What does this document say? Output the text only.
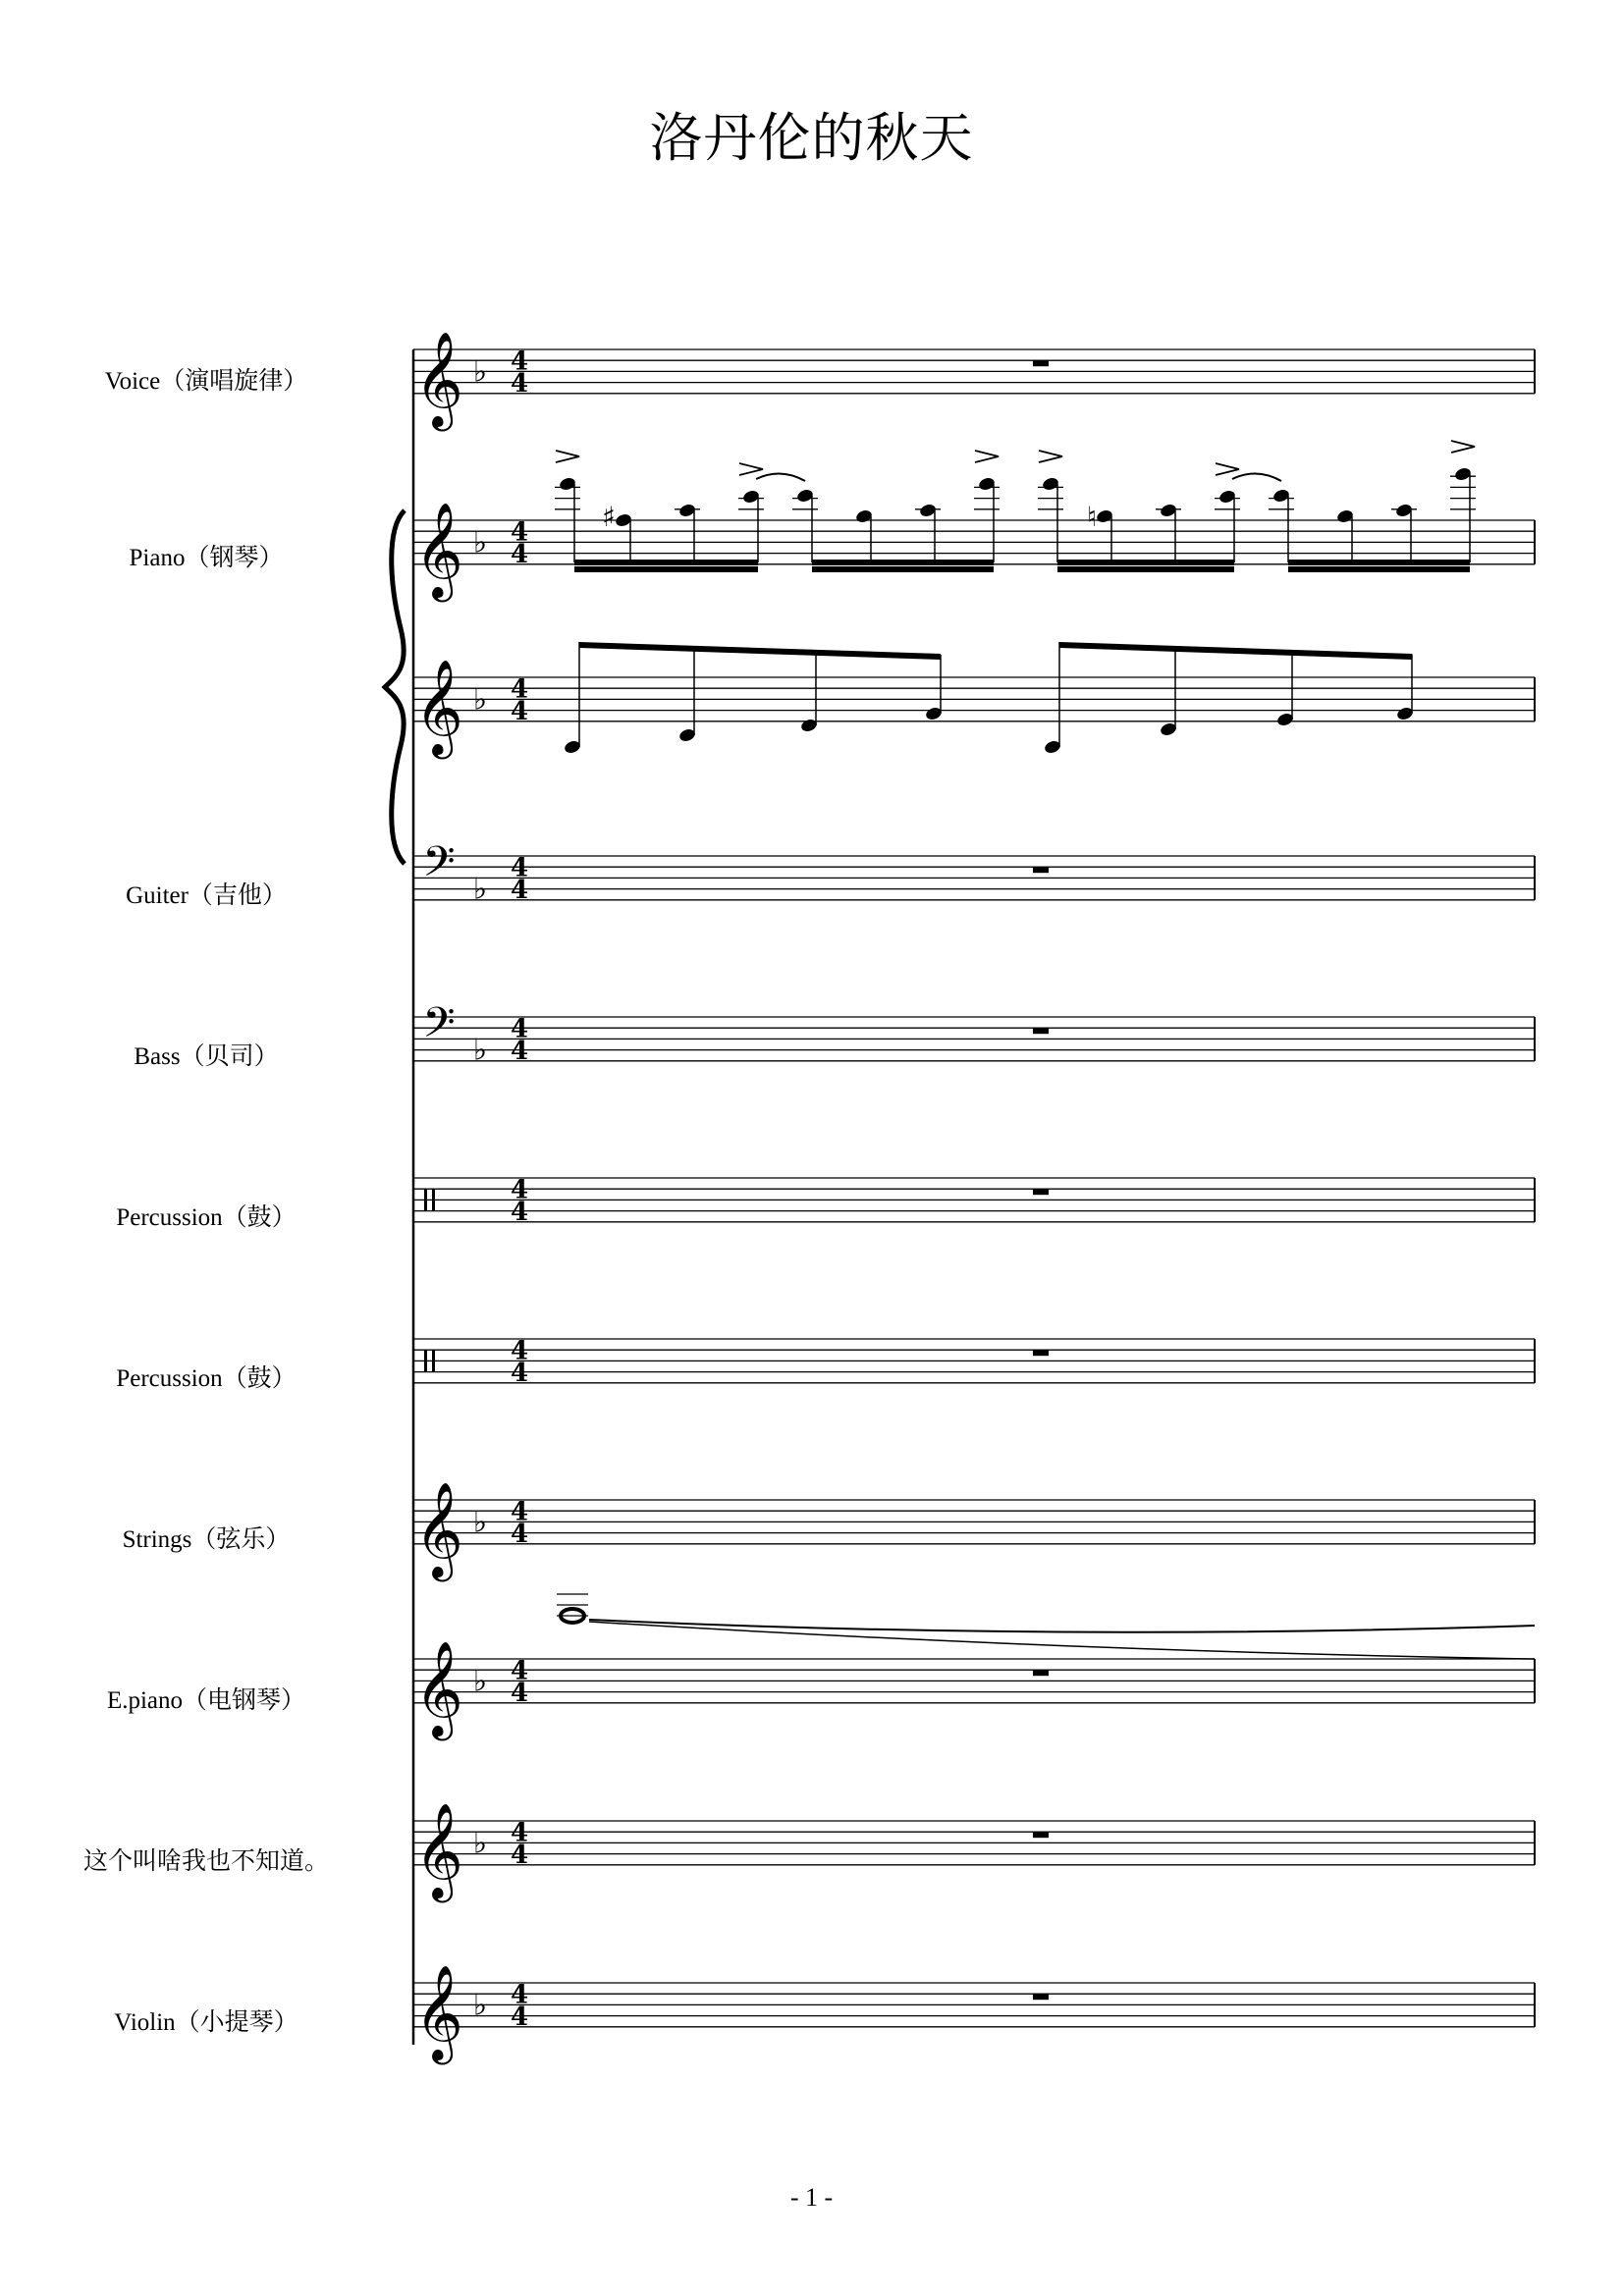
洛丹伦的秋天
Voice（演唱旋律）
Piano（钢琴）
Guiter（吉他）
Bass（贝司）
Percussion（鼓）
Percussion（鼓）
Strings（弦乐）
E.piano（电钢琴）
这个叫啥我也不知道。
Violin（小提琴）
𝄞 ♭ 4
4
𝄞 ♭ 4
4
𝄞 ♭ 4
4
𝄢 ♭
4
4
𝄢 ♭
4
4
4
4
4
4
𝄞 ♭ 4
4
𝄞 ♭ 4
4
𝄞 ♭ 4
4
𝄞 ♭ 4
4
♯	♮
- 1 -
